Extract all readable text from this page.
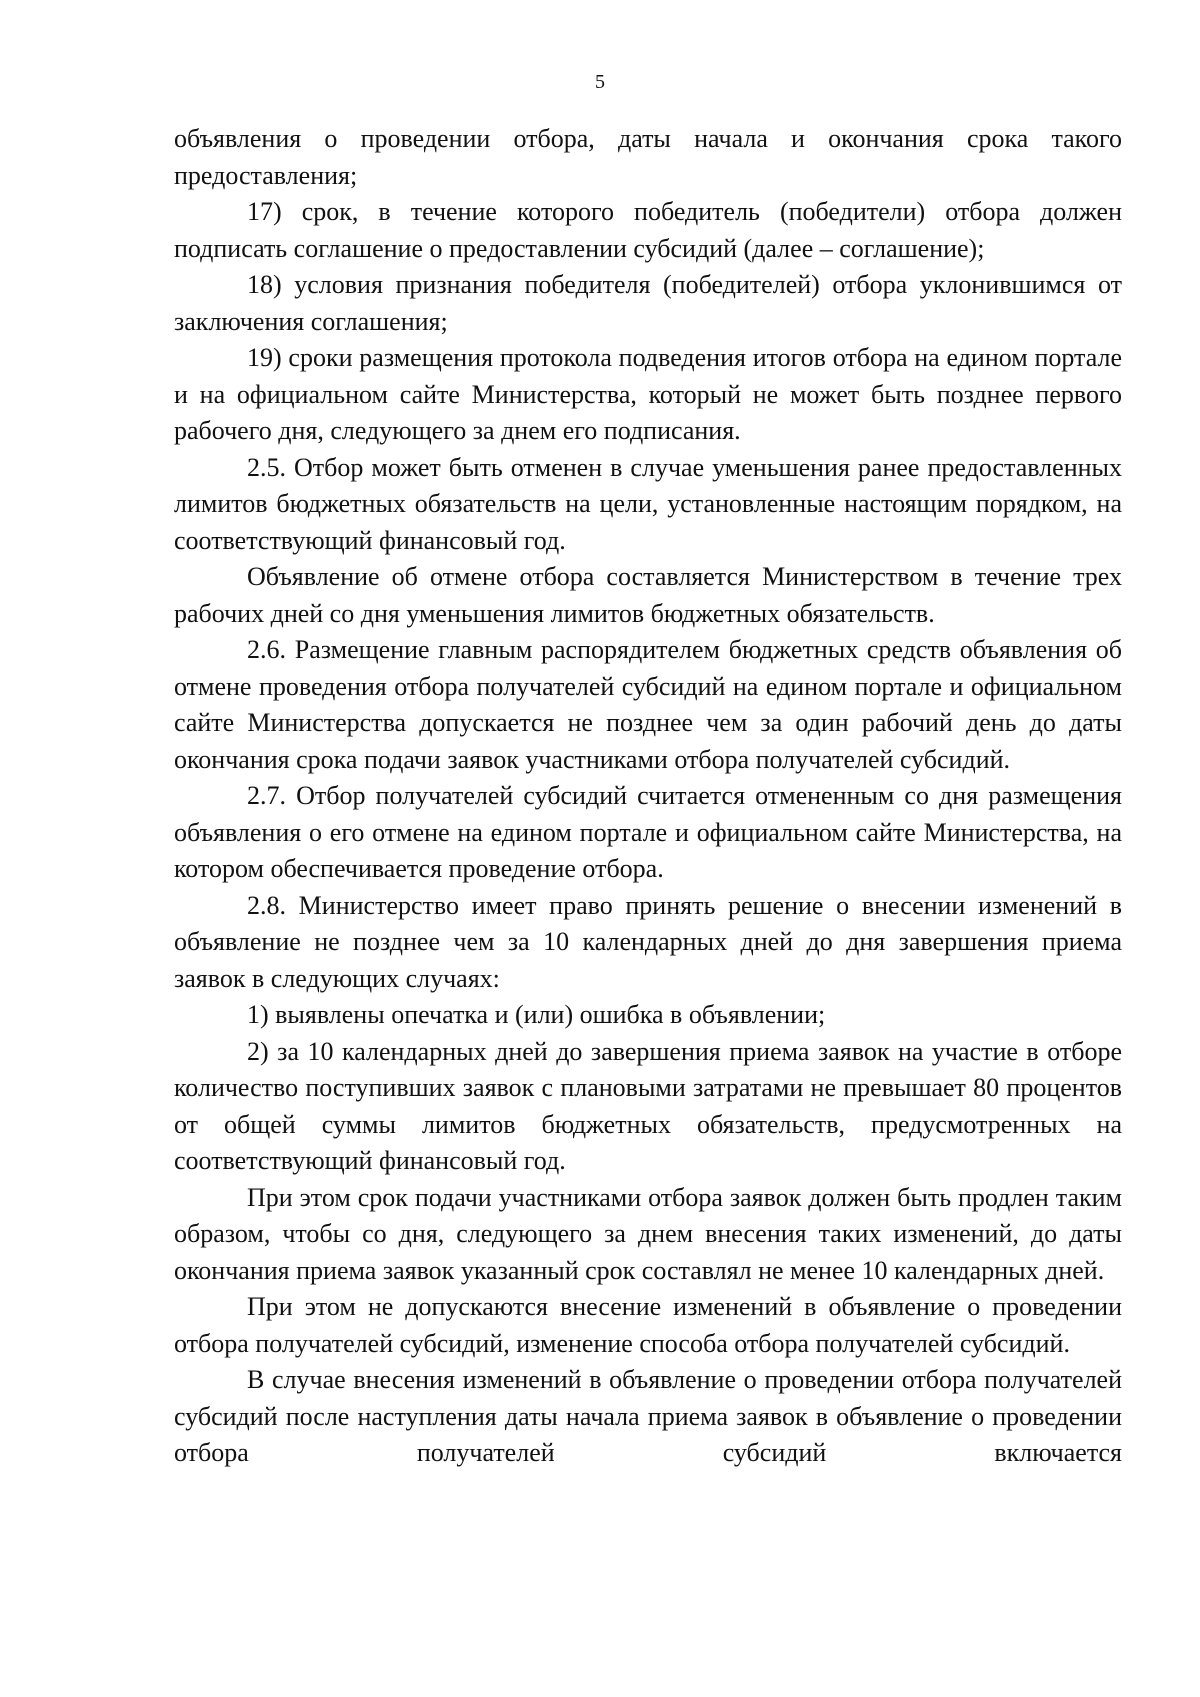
5

объявления о проведении отбора, даты начала и окончания срока такого предоставления;

17) срок, в течение которого победитель (победители) отбора должен подписать соглашение о предоставлении субсидий (далее – соглашение);

18) условия признания победителя (победителей) отбора уклонившимся от заключения соглашения;

19) сроки размещения протокола подведения итогов отбора на едином портале и на официальном сайте Министерства, который не может быть позднее первого рабочего дня, следующего за днем его подписания.

2.5. Отбор может быть отменен в случае уменьшения ранее предоставленных лимитов бюджетных обязательств на цели, установленные настоящим порядком, на соответствующий финансовый год.

Объявление об отмене отбора составляется Министерством в течение трех рабочих дней со дня уменьшения лимитов бюджетных обязательств.

2.6. Размещение главным распорядителем бюджетных средств объявления об отмене проведения отбора получателей субсидий на едином портале и официальном сайте Министерства допускается не позднее чем за один рабочий день до даты окончания срока подачи заявок участниками отбора получателей субсидий.

2.7. Отбор получателей субсидий считается отмененным со дня размещения объявления о его отмене на едином портале и официальном сайте Министерства, на котором обеспечивается проведение отбора.

2.8. Министерство имеет право принять решение о внесении изменений в объявление не позднее чем за 10 календарных дней до дня завершения приема заявок в следующих случаях:

1) выявлены опечатка и (или) ошибка в объявлении;

2) за 10 календарных дней до завершения приема заявок на участие в отборе количество поступивших заявок с плановыми затратами не превышает 80 процентов от общей суммы лимитов бюджетных обязательств, предусмотренных на соответствующий финансовый год.

При этом срок подачи участниками отбора заявок должен быть продлен таким образом, чтобы со дня, следующего за днем внесения таких изменений, до даты окончания приема заявок указанный срок составлял не менее 10 календарных дней.

При этом не допускаются внесение изменений в объявление о проведении отбора получателей субсидий, изменение способа отбора получателей субсидий.

В случае внесения изменений в объявление о проведении отбора получателей субсидий после наступления даты начала приема заявок в объявление о проведении отбора получателей субсидий включается
